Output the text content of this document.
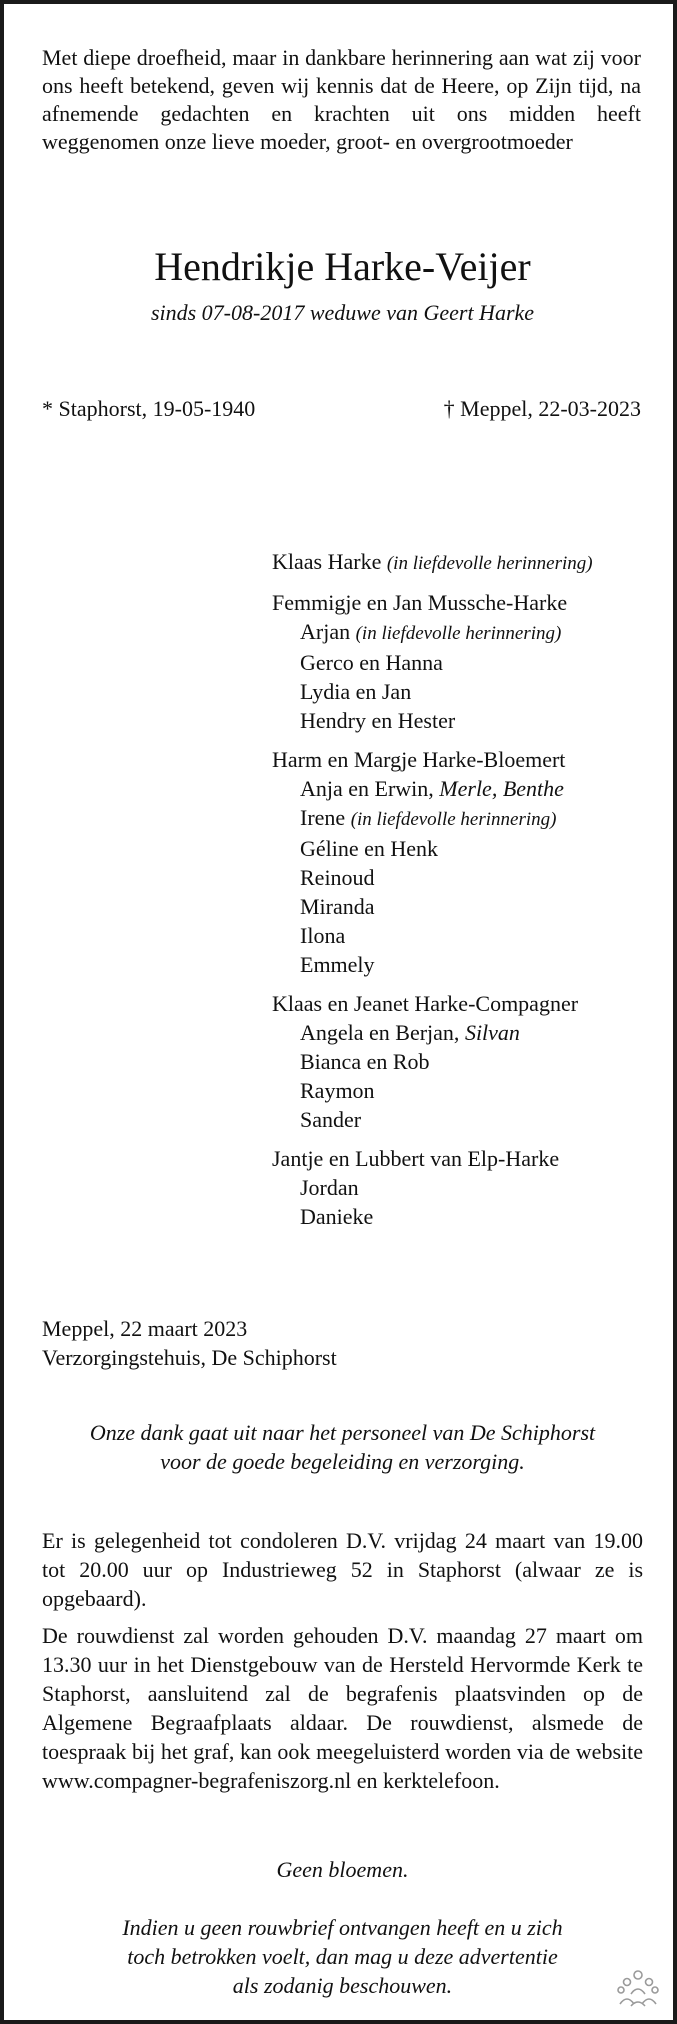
Met diepe droefheid, maar in dankbare herinnering aan wat zij voor ons heeft betekend, geven wij kennis dat de Heere, op Zijn tijd, na afnemende gedachten en krachten uit ons midden heeft weggenomen onze lieve moeder, groot- en overgrootmoeder

Hendrikje Harke-Veijer

sinds 07-08-2017 weduwe van Geert Harke

* Staphorst, 19-05-1940	† Meppel, 22-03-2023
Klaas Harke (in liefdevolle herinnering)
Femmigje en Jan Mussche-Harke
Arjan (in liefdevolle herinnering)
Gerco en Hanna
Lydia en Jan
Hendry en Hester
Harm en Margje Harke-Bloemert
Anja en Erwin, Merle, Benthe
Irene (in liefdevolle herinnering)
Géline en Henk
Reinoud
Miranda
Ilona
Emmely
Klaas en Jeanet Harke-Compagner
Angela en Berjan, Silvan
Bianca en Rob
Raymon
Sander
Jantje en Lubbert van Elp-Harke
Jordan
Danieke
Meppel, 22 maart 2023
Verzorgingstehuis, De Schiphorst
Onze dank gaat uit naar het personeel van De Schiphorst
voor de goede begeleiding en verzorging.

Er is gelegenheid tot condoleren D.V. vrijdag 24 maart van 19.00 tot 20.00 uur op Industrieweg 52 in Staphorst (alwaar ze is opgebaard).

De rouwdienst zal worden gehouden D.V. maandag 27 maart om 13.30 uur in het Dienstgebouw van de Hersteld Hervormde Kerk te Staphorst, aansluitend zal de begrafenis plaatsvinden op de Algemene Begraafplaats aldaar. De rouwdienst, alsmede de toespraak bij het graf, kan ook meegeluisterd worden via de website www.compagner-begrafeniszorg.nl en kerktelefoon.

Geen bloemen.
Indien u geen rouwbrief ontvangen heeft en u zich
toch betrokken voelt, dan mag u deze advertentie
als zodanig beschouwen.
